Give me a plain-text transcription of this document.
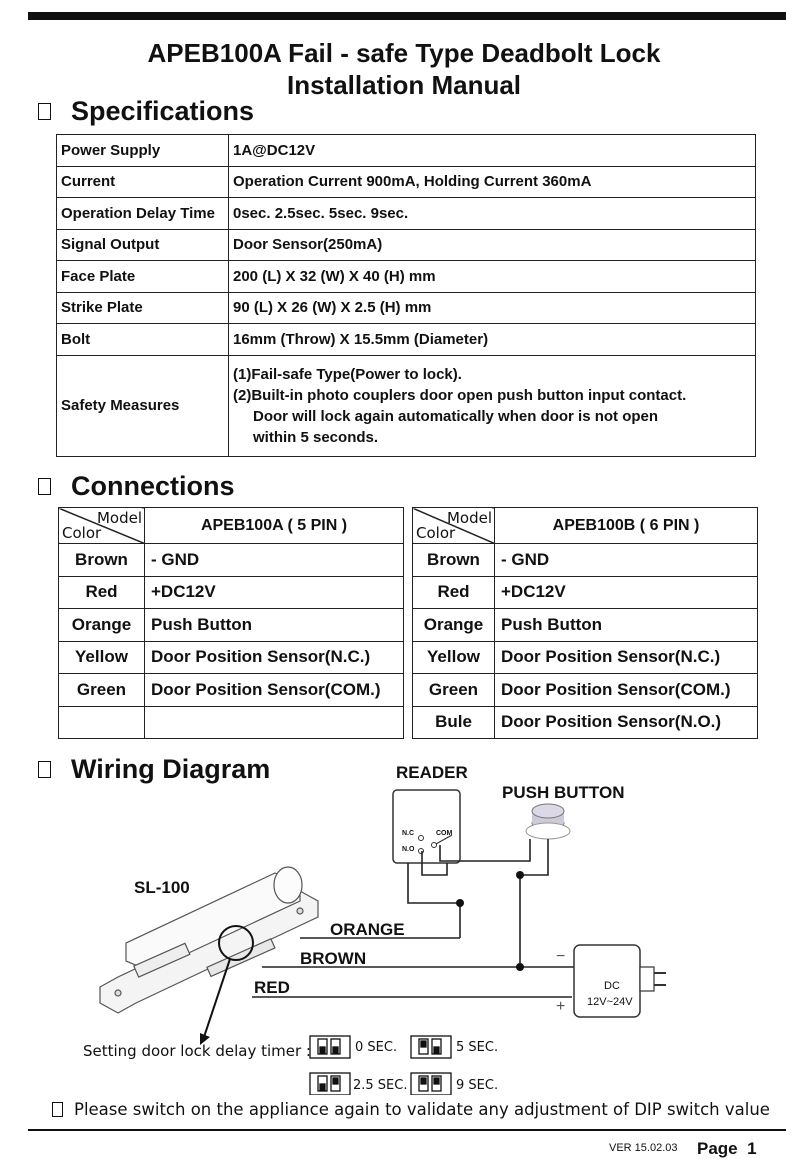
APEB100A Fail - safe Type Deadbolt Lock
Installation Manual
Specifications
Power Supply	1A@DC12V
Current	Operation Current 900mA, Holding Current 360mA
Operation Delay Time	0sec. 2.5sec. 5sec. 9sec.
Signal Output	Door Sensor(250mA)
Face Plate	200 (L) X 32 (W) X 40 (H) mm
Strike Plate	90 (L) X 26 (W) X 2.5 (H) mm
Bolt	16mm (Throw) X 15.5mm (Diameter)
Safety Measures	(1)Fail-safe Type(Power to lock).
(2)Built-in photo couplers door open push button input contact.
Door will lock again automatically when door is not open
within 5 seconds.
Connections
Model
Color	APEB100A ( 5 PIN )
Brown	- GND
Red	+DC12V
Orange	Push Button
Yellow	Door Position Sensor(N.C.)
Green	Door Position Sensor(COM.)

Model
Color	APEB100B ( 6 PIN )
Brown	- GND
Red	+DC12V
Orange	Push Button
Yellow	Door Position Sensor(N.C.)
Green	Door Position Sensor(COM.)
Bule	Door Position Sensor(N.O.)
Wiring Diagram	READER
PUSH BUTTON
SL-100
ORANGE
BROWN
RED
N.C
N.O
COM
DC
12V~24V
−
+
Setting door lock delay timer :	0 SEC.	5 SEC.
2.5 SEC.	9 SEC.
Please switch on the appliance again to validate any adjustment of DIP switch value
VER 15.02.03 Page  1
